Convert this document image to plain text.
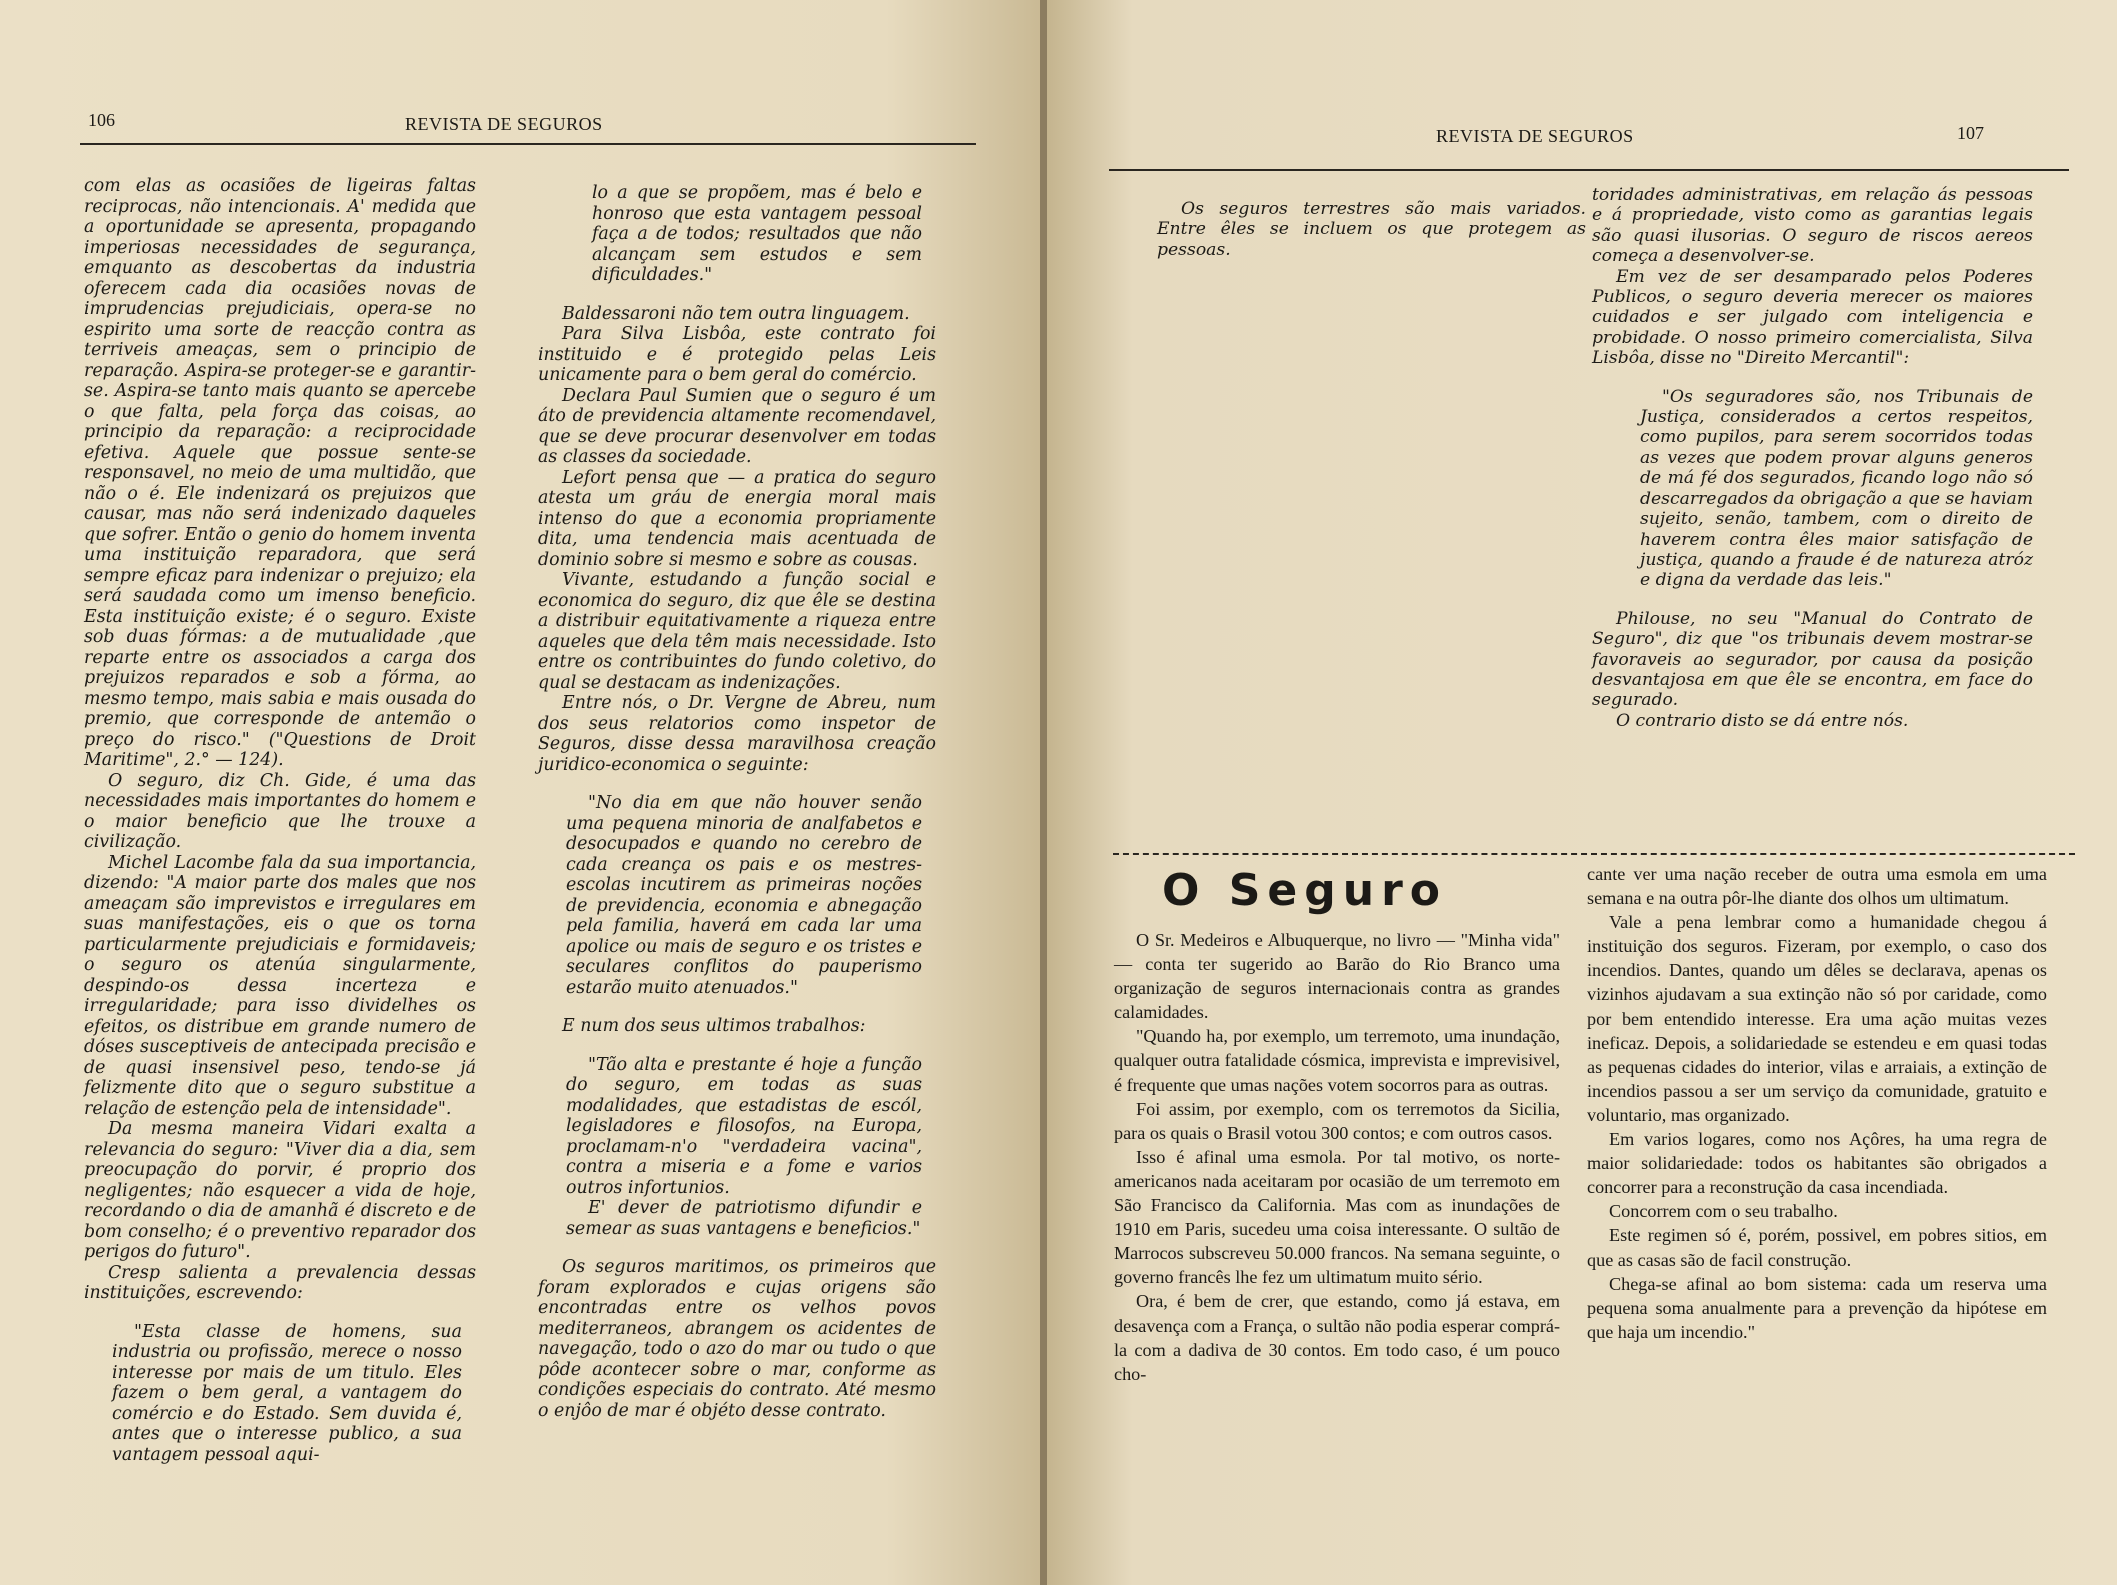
106	REVISTA DE SEGUROS

com elas as ocasiões de ligeiras faltas reciprocas, não intencionais. A' medida que a oportunidade se apresenta, propagando imperiosas necessidades de segurança, emquanto as descobertas da industria oferecem cada dia ocasiões novas de imprudencias prejudiciais, opera-se no espirito uma sorte de reacção contra as terriveis ameaças, sem o principio de reparação. Aspira-se proteger-se e garantir-se. Aspira-se tanto mais quanto se apercebe o que falta, pela força das coisas, ao principio da reparação: a reciprocidade efetiva. Aquele que possue sente-se responsavel, no meio de uma multidão, que não o é. Ele indenizará os prejuizos que causar, mas não será indenizado daqueles que sofrer. Então o genio do homem inventa uma instituição reparadora, que será sempre eficaz para indenizar o prejuizo; ela será saudada como um imenso beneficio. Esta instituição existe; é o seguro. Existe sob duas fórmas: a de mutualidade ,que reparte entre os associados a carga dos prejuizos reparados e sob a fórma, ao mesmo tempo, mais sabia e mais ousada do premio, que corresponde de antemão o preço do risco." ("Questions de Droit Maritime", 2.° — 124).

O seguro, diz Ch. Gide, é uma das necessidades mais importantes do homem e o maior beneficio que lhe trouxe a civilização.

Michel Lacombe fala da sua importancia, dizendo: "A maior parte dos males que nos ameaçam são imprevistos e irregulares em suas manifestações, eis o que os torna particularmente prejudiciais e formidaveis; o seguro os atenúa singularmente, despindo-os dessa incerteza e irregularidade; para isso dividelhes os efeitos, os distribue em grande numero de dóses susceptiveis de antecipada precisão e de quasi insensivel peso, tendo-se já felizmente dito que o seguro substitue a relação de estenção pela de intensidade".

Da mesma maneira Vidari exalta a relevancia do seguro: "Viver dia a dia, sem preocupação do porvir, é proprio dos negligentes; não esquecer a vida de hoje, recordando o dia de amanhã é discreto e de bom conselho; é o preventivo reparador dos perigos do futuro".

Cresp salienta a prevalencia dessas instituições, escrevendo:

"Esta classe de homens, sua industria ou profissão, merece o nosso interesse por mais de um titulo. Eles fazem o bem geral, a vantagem do comércio e do Estado. Sem duvida é, antes que o interesse publico, a sua vantagem pessoal aqui-

lo a que se propõem, mas é belo e honroso que esta vantagem pessoal faça a de todos; resultados que não alcançam sem estudos e sem dificuldades."

Baldessaroni não tem outra linguagem.

Para Silva Lisbôa, este contrato foi instituido e é protegido pelas Leis unicamente para o bem geral do comércio.

Declara Paul Sumien que o seguro é um áto de previdencia altamente recomendavel, que se deve procurar desenvolver em todas as classes da sociedade.

Lefort pensa que — a pratica do seguro atesta um gráu de energia moral mais intenso do que a economia propriamente dita, uma tendencia mais acentuada de dominio sobre si mesmo e sobre as cousas.

Vivante, estudando a função social e economica do seguro, diz que êle se destina a distribuir equitativamente a riqueza entre aqueles que dela têm mais necessidade. Isto entre os contribuintes do fundo coletivo, do qual se destacam as indenizações.

Entre nós, o Dr. Vergne de Abreu, num dos seus relatorios como inspetor de Seguros, disse dessa maravilhosa creação juridico-economica o seguinte:

"No dia em que não houver senão uma pequena minoria de analfabetos e desocupados e quando no cerebro de cada creança os pais e os mestres-escolas incutirem as primeiras noções de previdencia, economia e abnegação pela familia, haverá em cada lar uma apolice ou mais de seguro e os tristes e seculares conflitos do pauperismo estarão muito atenuados."

E num dos seus ultimos trabalhos:

"Tão alta e prestante é hoje a função do seguro, em todas as suas modalidades, que estadistas de escól, legisladores e filosofos, na Europa, proclamam-n'o "verdadeira vacina", contra a miseria e a fome e varios outros infortunios.

E' dever de patriotismo difundir e semear as suas vantagens e beneficios."

Os seguros maritimos, os primeiros que foram explorados e cujas origens são encontradas entre os velhos povos mediterraneos, abrangem os acidentes de navegação, todo o azo do mar ou tudo o que pôde acontecer sobre o mar, conforme as condições especiais do contrato. Até mesmo o enjôo de mar é objéto desse contrato.

REVISTA DE SEGUROS	107

Os seguros terrestres são mais variados. Entre êles se incluem os que protegem as pessoas.

toridades administrativas, em relação ás pessoas e á propriedade, visto como as garantias legais são quasi ilusorias. O seguro de riscos aereos começa a desenvolver-se.

Em vez de ser desamparado pelos Poderes Publicos, o seguro deveria merecer os maiores cuidados e ser julgado com inteligencia e probidade. O nosso primeiro comercialista, Silva Lisbôa, disse no "Direito Mercantil":

"Os seguradores são, nos Tribunais de Justiça, considerados a certos respeitos, como pupilos, para serem socorridos todas as vezes que podem provar alguns generos de má fé dos segurados, ficando logo não só descarregados da obrigação a que se haviam sujeito, senão, tambem, com o direito de haverem contra êles maior satisfação de justiça, quando a fraude é de natureza atróz e digna da verdade das leis."

Philouse, no seu "Manual do Contrato de Seguro", diz que "os tribunais devem mostrar-se favoraveis ao segurador, por causa da posição desvantajosa em que êle se encontra, em face do segurado.

O contrario disto se dá entre nós.

O Seguro

O Sr. Medeiros e Albuquerque, no livro — "Minha vida" — conta ter sugerido ao Barão do Rio Branco uma organização de seguros internacionais contra as grandes calamidades.

"Quando ha, por exemplo, um terremoto, uma inundação, qualquer outra fatalidade cósmica, imprevista e imprevisivel, é frequente que umas nações votem socorros para as outras.

Foi assim, por exemplo, com os terremotos da Sicilia, para os quais o Brasil votou 300 contos; e com outros casos.

Isso é afinal uma esmola. Por tal motivo, os norte-americanos nada aceitaram por ocasião de um terremoto em São Francisco da California. Mas com as inundações de 1910 em Paris, sucedeu uma coisa interessante. O sultão de Marrocos subscreveu 50.000 francos. Na semana seguinte, o governo francês lhe fez um ultimatum muito sério.

Ora, é bem de crer, que estando, como já estava, em desavença com a França, o sultão não podia esperar comprá-la com a dadiva de 30 contos. Em todo caso, é um pouco cho-

cante ver uma nação receber de outra uma esmola em uma semana e na outra pôr-lhe diante dos olhos um ultimatum.

Vale a pena lembrar como a humanidade chegou á instituição dos seguros. Fizeram, por exemplo, o caso dos incendios. Dantes, quando um dêles se declarava, apenas os vizinhos ajudavam a sua extinção não só por caridade, como por bem entendido interesse. Era uma ação muitas vezes ineficaz. Depois, a solidariedade se estendeu e em quasi todas as pequenas cidades do interior, vilas e arraiais, a extinção de incendios passou a ser um serviço da comunidade, gratuito e voluntario, mas organizado.

Em varios logares, como nos Açôres, ha uma regra de maior solidariedade: todos os habitantes são obrigados a concorrer para a reconstrução da casa incendiada.

Concorrem com o seu trabalho.

Este regimen só é, porém, possivel, em pobres sitios, em que as casas são de facil construção.

Chega-se afinal ao bom sistema: cada um reserva uma pequena soma anualmente para a prevenção da hipótese em que haja um incendio."
